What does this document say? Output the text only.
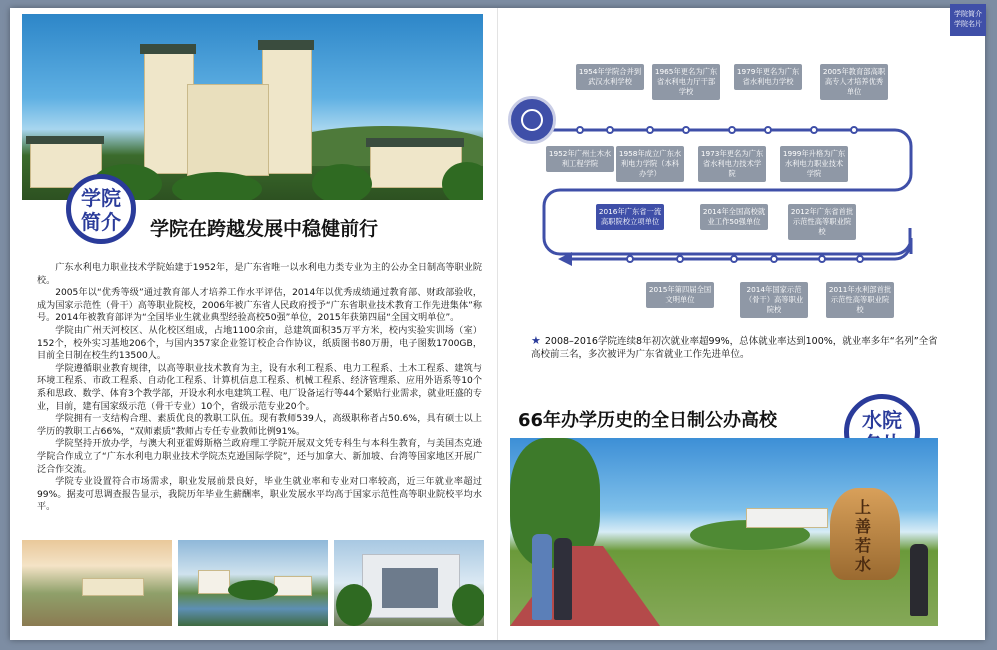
学院
简介	学院在跨越发展中稳健前行

广东水利电力职业技术学院始建于1952年，是广东省唯一以水利电力类专业为主的公办全日制高等职业院校。

2005年以“优秀等级”通过教育部人才培养工作水平评估，2014年以优秀成绩通过教育部、财政部验收，成为国家示范性（骨干）高等职业院校，2006年被广东省人民政府授予“广东省职业技术教育工作先进集体”称号。2014年被教育部评为“全国毕业生就业典型经验高校50强”单位，2015年获第四届“全国文明单位”。

学院由广州天河校区、从化校区组成，占地1100余亩，总建筑面积35万平方米，校内实验实训场（室）152个，校外实习基地206个，与国内357家企业签订校企合作协议，纸质图书80万册，电子图数1700GB，目前全日制在校生约13500人。

学院遵循职业教育规律，以高等职业技术教育为主，设有水利工程系、电力工程系、土木工程系、建筑与环境工程系、市政工程系、自动化工程系、计算机信息工程系、机械工程系、经济管理系、应用外语系等10个系和思政、数学、体育3个教学部，开设水利水电建筑工程、电厂设备运行等44个紧贴行业需求，就业旺盛的专业，目前，建有国家级示范（骨干专业）10个，省级示范专业20个。

学院拥有一支结构合理、素质优良的教职工队伍。现有教师539人，高级职称者占50.6%，具有硕士以上学历的教职工占66%，“双师素质”教师占专任专业教师比例91%。

学院坚持开放办学，与澳大利亚霍姆斯格兰政府理工学院开展双文凭专科生与本科生教育，与美国杰克逊学院合作成立了“广东水利电力职业技术学院杰克逊国际学院”，还与加拿大、新加坡、台湾等国家地区开展广泛合作交流。

学院专业设置符合市场需求，职业发展前景良好，毕业生就业率和专业对口率较高，近三年就业率超过99%。据麦可思调查报告显示，我院历年毕业生薪酬率，职业发展水平均高于国家示范性高等职业院校平均水平。

1954年学院合并到武汉水利学校
1965年更名为广东省水利电力厅干部学校
1979年更名为广东省水利电力学校
2005年教育部高职高专人才培养优秀单位
1952年广州土木水利工程学院
1958年成立广东水利电力学院（本科办学）
1973年更名为广东省水利电力技术学院
1999年升格为广东水利电力职业技术学院
2016年广东省一流高职院校立项单位
2014年全国高校就业工作50强单位
2012年广东省首批示范性高等职业院校
2015年第四届全国文明单位
2014年国家示范（骨干）高等职业院校
2011年水利部首批示范性高等职业院校
★ 2008–2016学院连续8年初次就业率超99%，总体就业率达到100%，就业率多年“名列”全省高校前三名，多次被评为广东省就业工作先进单位。
66年办学历史的全日制公办高校	水院
上善若水
学院简介
学院名片
